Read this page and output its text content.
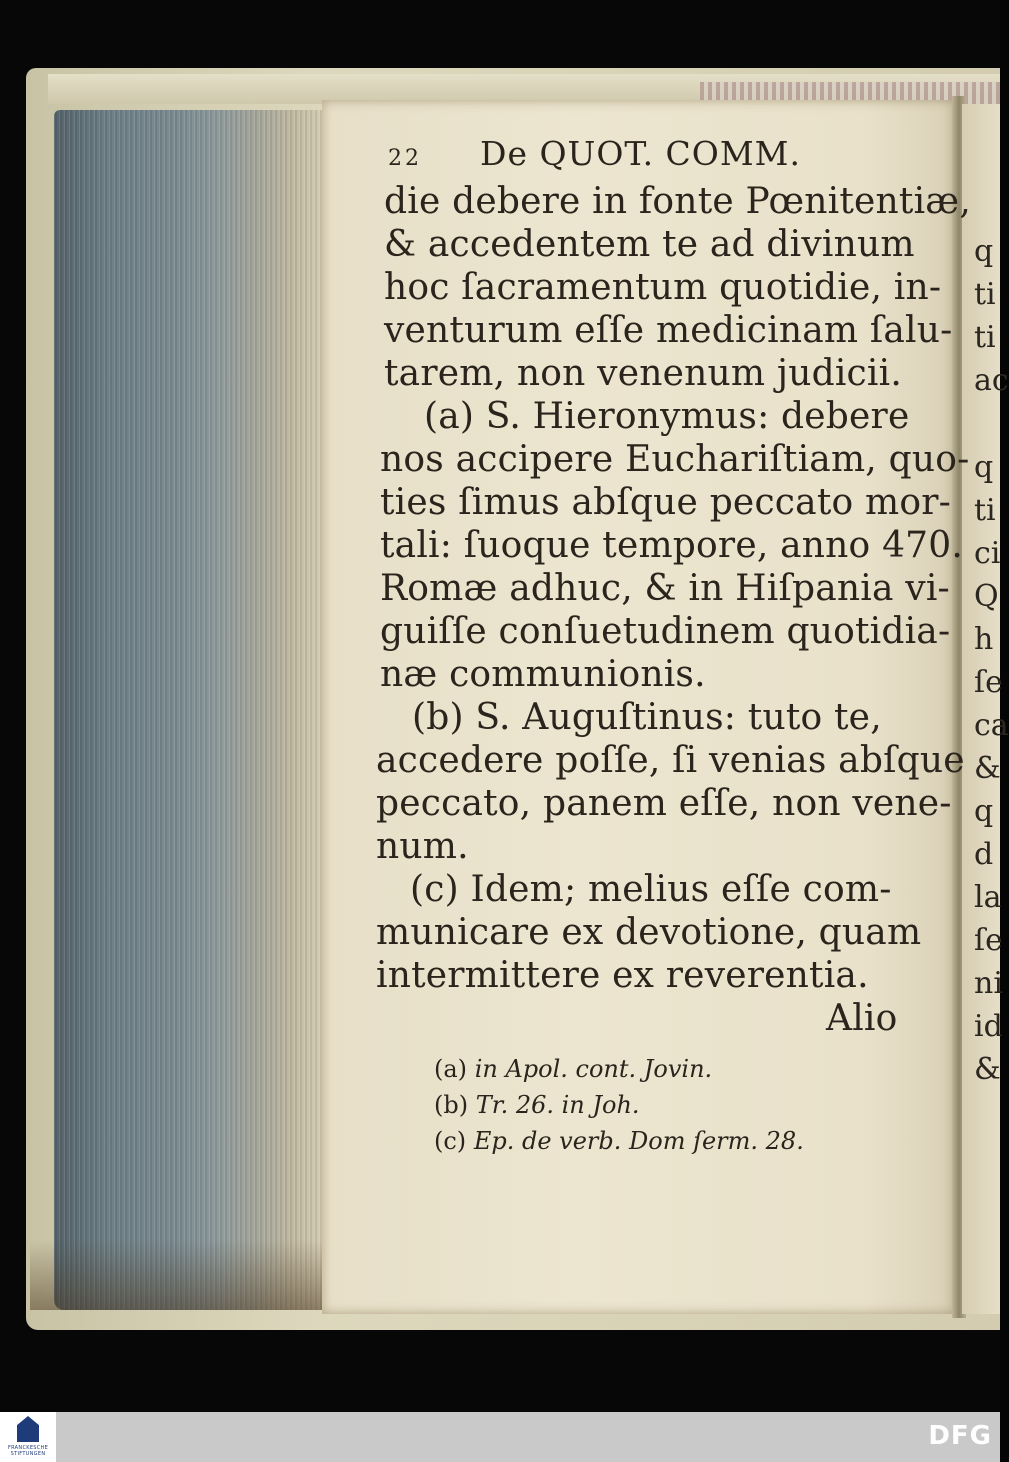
q
ti
ti
ac
q
ti
ci
Q
h
ſe
ca
&
q
d
la
ſe
ni
id
&
22 De QUOT. COMM.
die debere in fonte Pœnitentiæ,
& accedentem te ad divinum
hoc ſacramentum quotidie, in-
venturum eſſe medicinam ſalu-
tarem, non venenum judicii.
(a) S. Hieronymus: debere
nos accipere Euchariſtiam, quo-
ties ſimus abſque peccato mor-
tali: ſuoque tempore, anno 470.
Romæ adhuc, & in Hiſpania vi-
guiſſe conſuetudinem quotidia-
næ communionis.
(b) S. Auguſtinus: tuto te,
accedere poſſe, ſi venias abſque
peccato, panem eſſe, non vene-
num.
(c) Idem; melius eſſe com-
municare ex devotione, quam
intermittere ex reverentia.
Alio
(a) in Apol. cont. Jovin.
(b) Tr. 26. in Joh.
(c) Ep. de verb. Dom ſerm. 28.
FRANCKESCHE STIFTUNGEN
DFG
